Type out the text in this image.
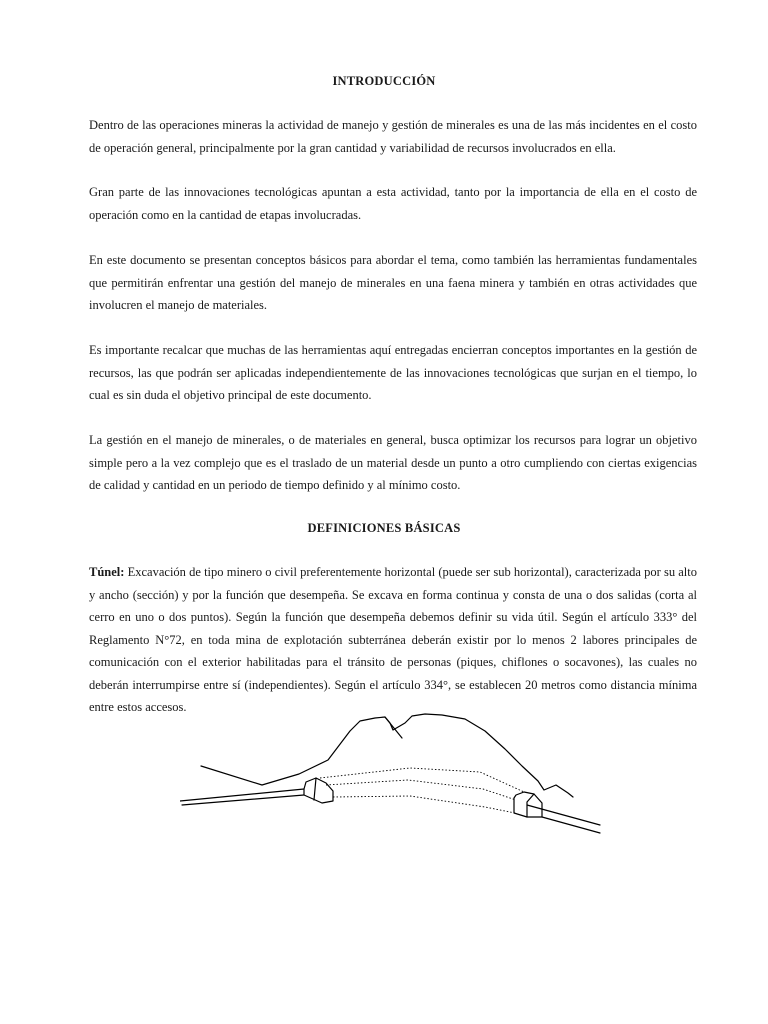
INTRODUCCIÓN

Dentro de las operaciones mineras la actividad de manejo y gestión de minerales es una de las más incidentes en el costo de operación general, principalmente por la gran cantidad y variabilidad de recursos involucrados en ella.

Gran parte de las innovaciones tecnológicas apuntan a esta actividad, tanto por la importancia de ella en el costo de operación como en la cantidad de etapas involucradas.

En este documento se presentan conceptos básicos para abordar el tema, como también las herramientas fundamentales que permitirán enfrentar una gestión del manejo de minerales en una faena minera y también en otras actividades que involucren el manejo de materiales.

Es importante recalcar que muchas de las herramientas aquí entregadas encierran conceptos importantes en la gestión de recursos, las que podrán ser aplicadas independientemente de las innovaciones tecnológicas que surjan en el tiempo, lo cual es sin duda el objetivo principal de este documento.

La gestión en el manejo de minerales, o de materiales en general, busca optimizar los recursos para lograr un objetivo simple pero a la vez complejo que es el traslado de un material desde un punto a otro cumpliendo con ciertas exigencias de calidad y cantidad en un periodo de tiempo definido y al mínimo costo.

DEFINICIONES BÁSICAS

Túnel: Excavación de tipo minero o civil preferentemente horizontal (puede ser sub horizontal), caracterizada por su alto y ancho (sección) y por la función que desempeña. Se excava en forma continua y consta de una o dos salidas (corta al cerro en uno o dos puntos). Según la función que desempeña debemos definir su vida útil. Según el artículo 333° del Reglamento N°72, en toda mina de explotación subterránea deberán existir por lo menos 2 labores principales de comunicación con el exterior habilitadas para el tránsito de personas (piques, chiflones o socavones), las cuales no deberán interrumpirse entre sí (independientes). Según el artículo 334°, se establecen 20 metros como distancia mínima entre estos accesos.
